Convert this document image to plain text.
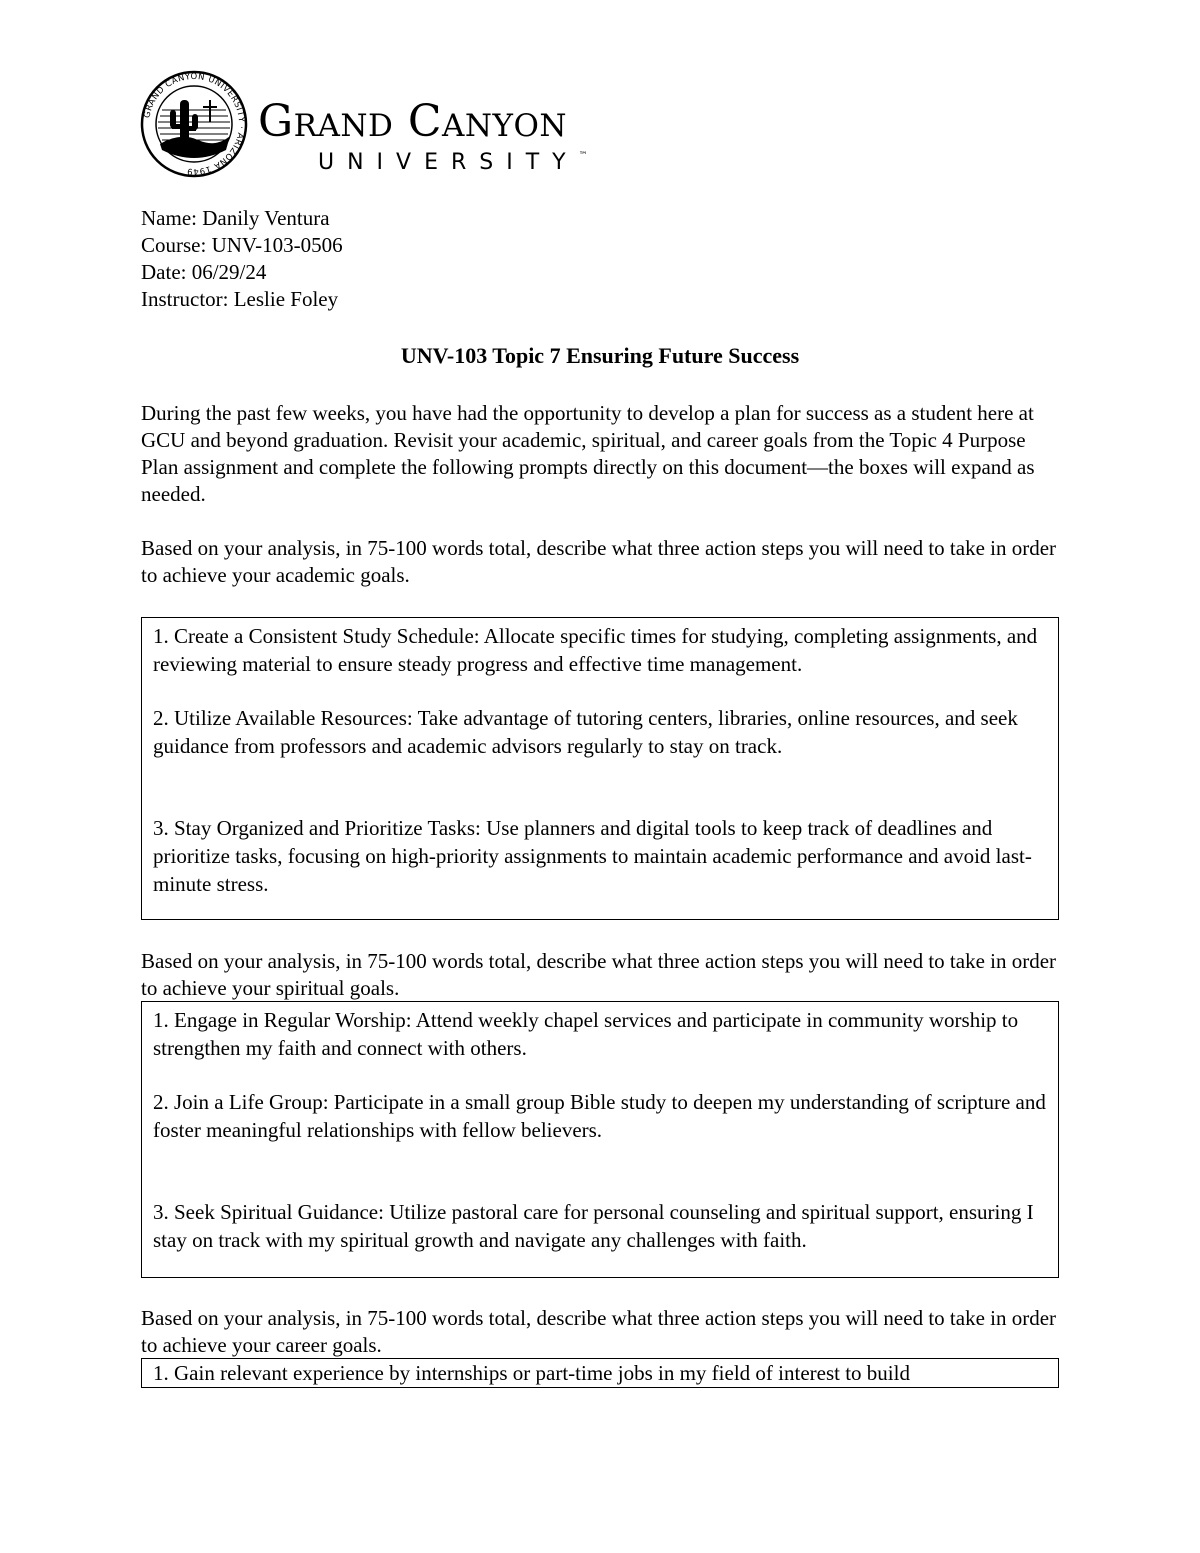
GRAND CANYON UNIVERSITY · ARIZONA 1949
Grand Canyon
UNIVERSITY™
Name: Danily Ventura
Course: UNV-103-0506
Date: 06/29/24
Instructor: Leslie Foley
UNV-103 Topic 7 Ensuring Future Success
During the past few weeks, you have had the opportunity to develop a plan for success as a student here at GCU and beyond graduation. Revisit your academic, spiritual, and career goals from the Topic 4 Purpose Plan assignment and complete the following prompts directly on this document—the boxes will expand as needed.
Based on your analysis, in 75-100 words total, describe what three action steps you will need to take in order to achieve your academic goals.

1. Create a Consistent Study Schedule: Allocate specific times for studying, completing assignments, and reviewing material to ensure steady progress and effective time management.

2. Utilize Available Resources: Take advantage of tutoring centers, libraries, online resources, and seek guidance from professors and academic advisors regularly to stay on track.

3. Stay Organized and Prioritize Tasks: Use planners and digital tools to keep track of deadlines and prioritize tasks, focusing on high-priority assignments to maintain academic performance and avoid last-minute stress.

Based on your analysis, in 75-100 words total, describe what three action steps you will need to take in order to achieve your spiritual goals.

1. Engage in Regular Worship: Attend weekly chapel services and participate in community worship to strengthen my faith and connect with others.

2. Join a Life Group: Participate in a small group Bible study to deepen my understanding of scripture and foster meaningful relationships with fellow believers.

3. Seek Spiritual Guidance: Utilize pastoral care for personal counseling and spiritual support, ensuring I stay on track with my spiritual growth and navigate any challenges with faith.

Based on your analysis, in 75-100 words total, describe what three action steps you will need to take in order to achieve your career goals.

1. Gain relevant experience by internships or part-time jobs in my field of interest to build
